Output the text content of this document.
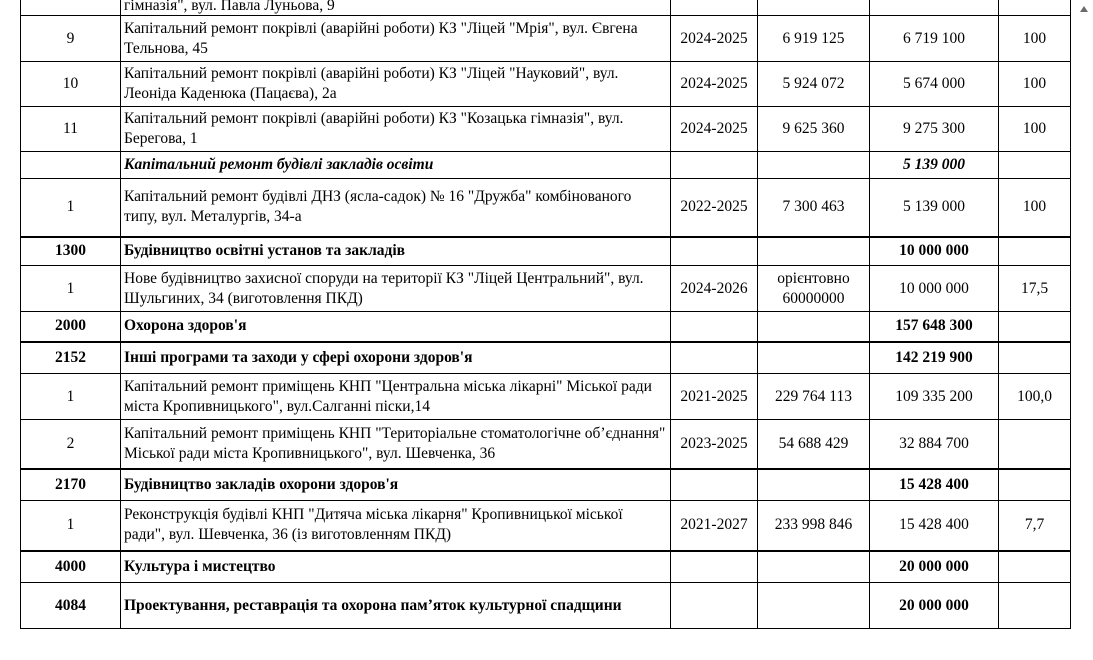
	гімназія", вул. Павла Луньова, 9				
9	Капітальний ремонт покрівлі (аварійні роботи) КЗ "Ліцей "Мрія", вул. Євгена Тельнова, 45	2024-2025	6 919 125	6 719 100	100
10	Капітальний ремонт покрівлі (аварійні роботи) КЗ "Ліцей "Науковий", вул. Леоніда Каденюка (Пацаєва), 2а	2024-2025	5 924 072	5 674 000	100
11	Капітальний ремонт покрівлі (аварійні роботи) КЗ "Козацька гімназія", вул. Берегова, 1	2024-2025	9 625 360	9 275 300	100
	Капітальний ремонт будівлі закладів освіти			5 139 000	
1	Капітальний ремонт будівлі ДНЗ (ясла-садок) № 16 "Дружба" комбінованого типу, вул. Металургів, 34-а	2022-2025	7 300 463	5 139 000	100
1300	Будівництво освітні установ та закладів			10 000 000	
1	Нове будівництво захисної споруди на території КЗ "Ліцей Центральний", вул. Шульгиних, 34 (виготовлення ПКД)	2024-2026	орієнтовно 60000000	10 000 000	17,5
2000	Охорона здоров'я			157 648 300	
2152	Інші програми та заходи у сфері охорони здоров'я			142 219 900	
1	Капітальний ремонт приміщень КНП "Центральна міська лікарні" Міської ради міста Кропивницького", вул.Салганні піски,14	2021-2025	229 764 113	109 335 200	100,0
2	Капітальний ремонт приміщень КНП "Територіальне стоматологічне об’єднання" Міської ради міста Кропивницького", вул. Шевченка, 36	2023-2025	54 688 429	32 884 700	
2170	Будівництво закладів охорони здоров'я			15 428 400	
1	Реконструкція будівлі КНП "Дитяча міська лікарня" Кропивницької міської ради", вул. Шевченка, 36 (із виготовленням ПКД)	2021-2027	233 998 846	15 428 400	7,7
4000	Культура і мистецтво			20 000 000	
4084	Проектування, реставрація та охорона пам’яток культурної спадщини			20 000 000	
